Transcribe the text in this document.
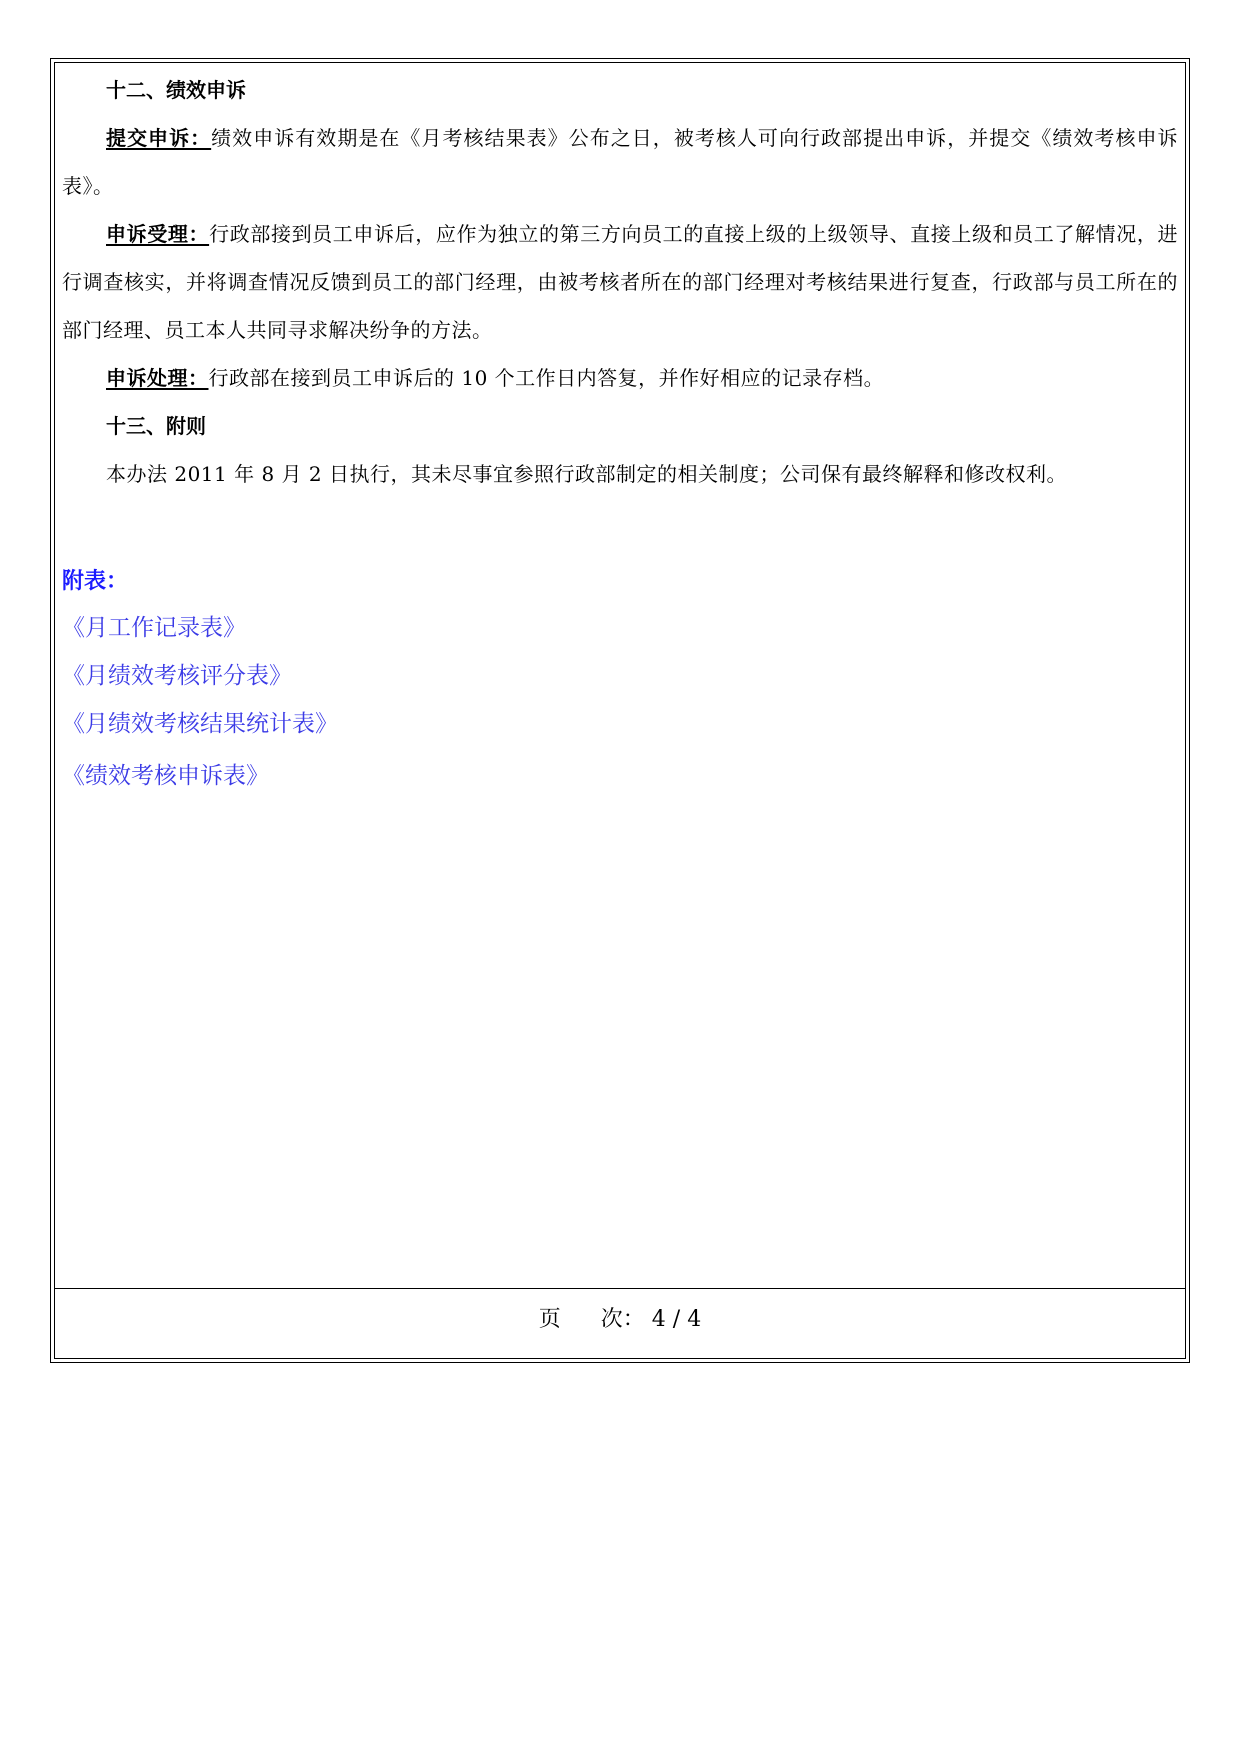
十二、绩效申诉

提交申诉：绩效申诉有效期是在《月考核结果表》公布之日，被考核人可向行政部提出申诉，并提交《绩效考核申诉表》。

申诉受理：行政部接到员工申诉后，应作为独立的第三方向员工的直接上级的上级领导、直接上级和员工了解情况，进行调查核实，并将调查情况反馈到员工的部门经理，由被考核者所在的部门经理对考核结果进行复查，行政部与员工所在的部门经理、员工本人共同寻求解决纷争的方法。

申诉处理：行政部在接到员工申诉后的 10 个工作日内答复，并作好相应的记录存档。

十三、附则

本办法 2011 年 8 月 2 日执行，其未尽事宜参照行政部制定的相关制度；公司保有最终解释和修改权利。

附表：
《月工作记录表》
《月绩效考核评分表》
《月绩效考核结果统计表》
《绩效考核申诉表》
页 次： 4 / 4
